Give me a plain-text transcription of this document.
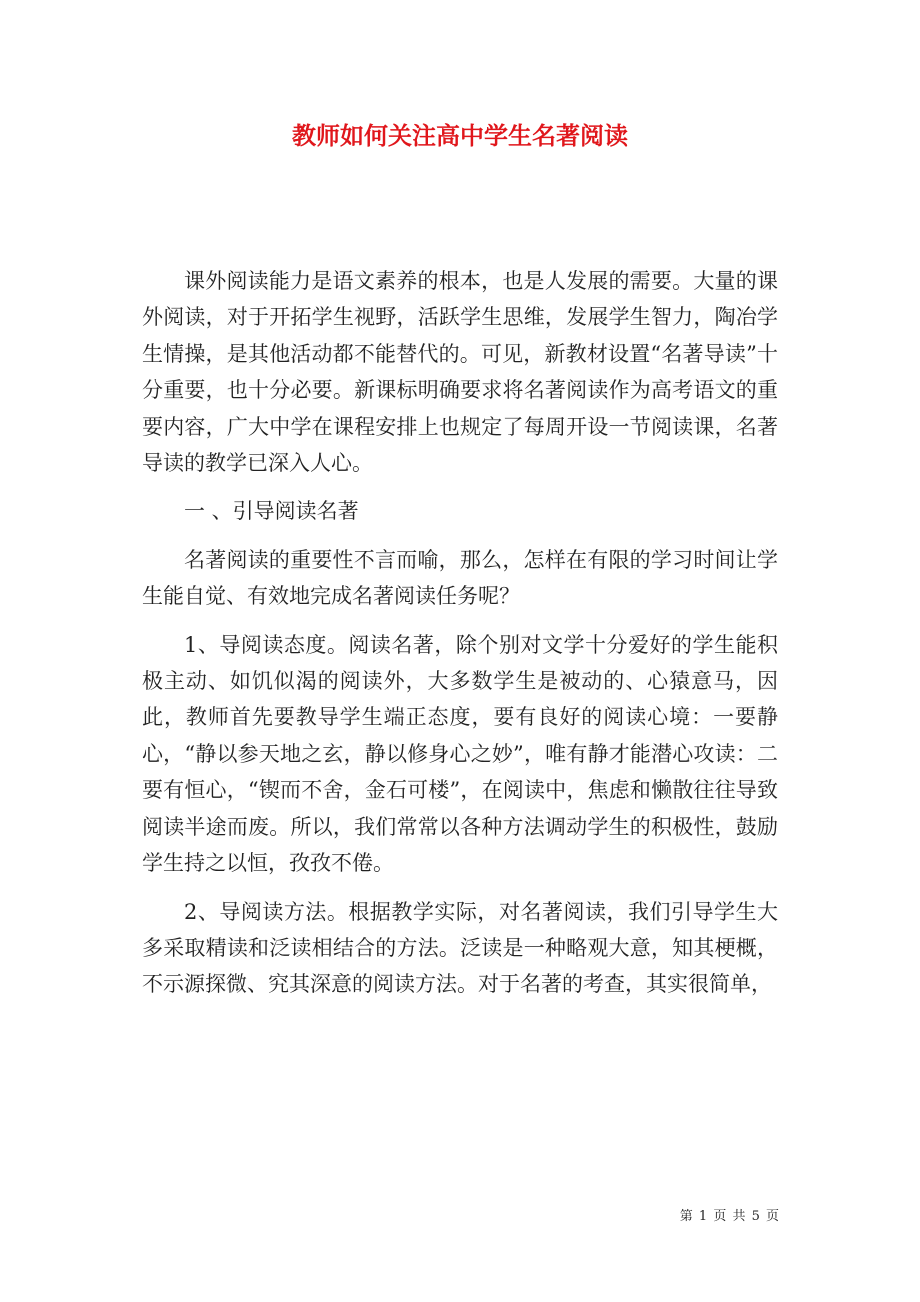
教师如何关注高中学生名著阅读

课外阅读能力是语文素养的根本，也是人发展的需要。大量的课外阅读，对于开拓学生视野，活跃学生思维，发展学生智力，陶冶学生情操，是其他活动都不能替代的。可见，新教材设置“名著导读”十分重要，也十分必要。新课标明确要求将名著阅读作为高考语文的重要内容，广大中学在课程安排上也规定了每周开设一节阅读课，名著导读的教学已深入人心。

一 、引导阅读名著

名著阅读的重要性不言而喻，那么，怎样在有限的学习时间让学生能自觉、有效地完成名著阅读任务呢？

1、导阅读态度。阅读名著，除个别对文学十分爱好的学生能积极主动、如饥似渴的阅读外，大多数学生是被动的、心猿意马，因此，教师首先要教导学生端正态度，要有良好的阅读心境：一要静心，“静以参天地之玄，静以修身心之妙”，唯有静才能潜心攻读：二要有恒心，“锲而不舍，金石可楼”，在阅读中，焦虑和懒散往往导致阅读半途而废。所以，我们常常以各种方法调动学生的积极性，鼓励学生持之以恒，孜孜不倦。

2、导阅读方法。根据教学实际，对名著阅读，我们引导学生大多采取精读和泛读相结合的方法。泛读是一种略观大意，知其梗概，不示源探微、究其深意的阅读方法。对于名著的考查，其实很简单，

第 1 页 共 5 页
